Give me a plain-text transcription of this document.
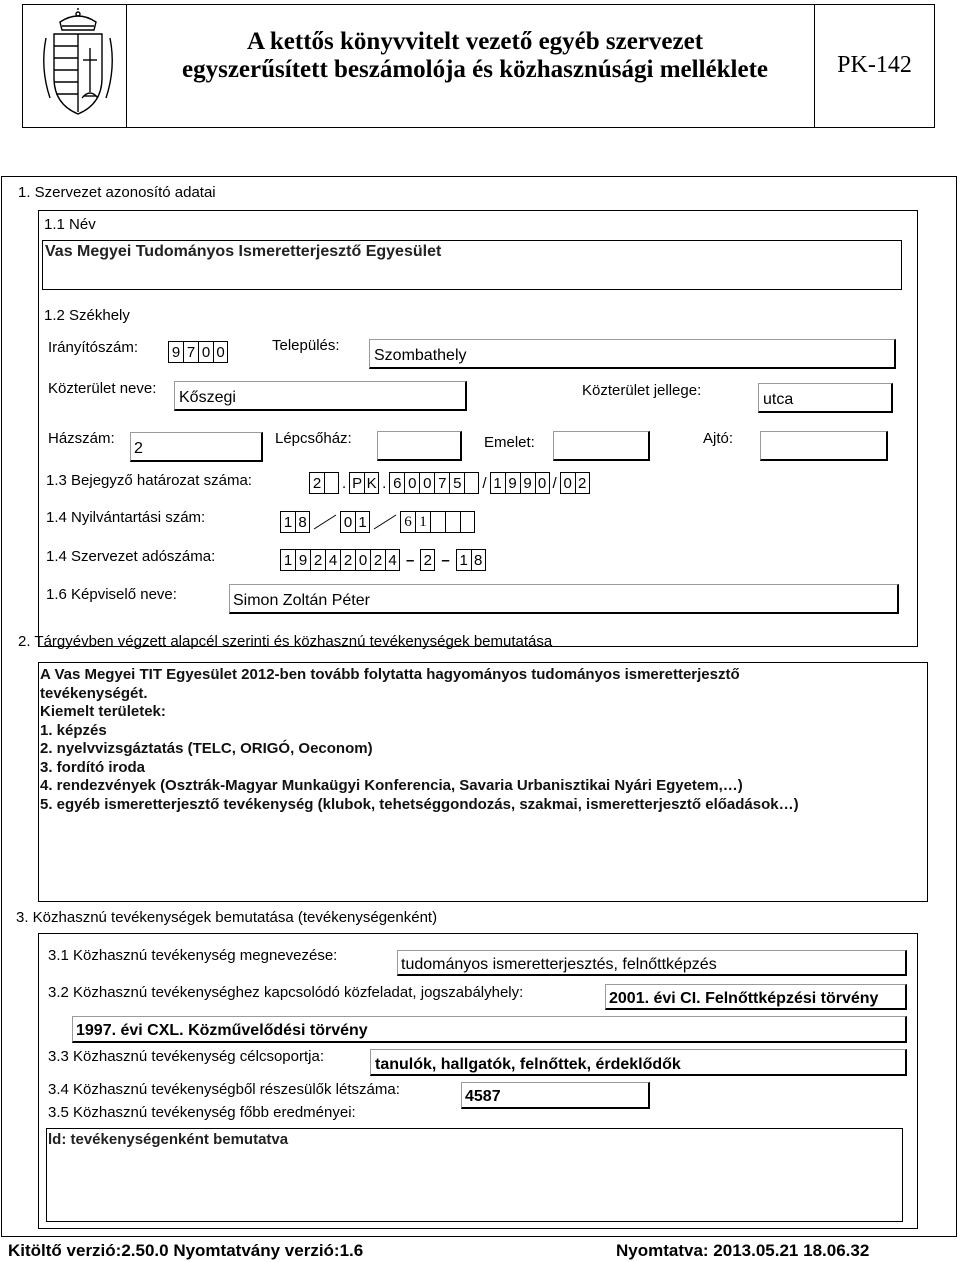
A kettős könyvvitelt vezető egyéb szervezet
egyszerűsített beszámolója és közhasznúsági melléklete	PK-142
1. Szervezet azonosító adatai
1.1 Név
Vas Megyei Tudományos Ismeretterjesztő Egyesület
1.2 Székhely
Irányítószám: 9 7 0 0	Település:
Szombathely
Közterület neve:
Kőszegi	Közterület jellege:
utca
Házszám:
2
Lépcsőház:	Emelet:	Ajtó:
1.3 Bejegyző határozat száma:	2 . P K . 6 0 0 7 5 / 1 9 9 0 / 0 2
1.4 Nyilvántartási szám:	1 8 0 1	6 1
1.4 Szervezet adószáma:	1 9 2 4 2 0 2 4 – 2 – 1 8
1.6 Képviselő neve:	Simon Zoltán Péter
2. Tárgyévben végzett alapcél szerinti és közhasznú tevékenységek bemutatása
A Vas Megyei TIT Egyesület 2012-ben tovább folytatta hagyományos tudományos ismeretterjesztő
tevékenységét.
Kiemelt területek:
1. képzés
2. nyelvvizsgáztatás (TELC, ORIGÓ, Oeconom)
3. fordító iroda
4. rendezvények (Osztrák-Magyar Munkaügyi Konferencia, Savaria Urbanisztikai Nyári Egyetem,…)
5. egyéb ismeretterjesztő tevékenység (klubok, tehetséggondozás, szakmai, ismeretterjesztő előadások…)
3. Közhasznú tevékenységek bemutatása (tevékenységenként)
3.1 Közhasznú tevékenység megnevezése:
tudományos ismeretterjesztés, felnőttképzés
3.2 Közhasznú tevékenységhez kapcsolódó közfeladat, jogszabályhely:	2001. évi CI. Felnőttképzési törvény
1997. évi CXL. Közművelődési törvény
3.3 Közhasznú tevékenység célcsoportja:	tanulók, hallgatók, felnőttek, érdeklődők
3.4 Közhasznú tevékenységből részesülők létszáma:	4587
3.5 Közhasznú tevékenység főbb eredményei:
ld: tevékenységenként bemutatva
Kitöltő verzió:2.50.0 Nyomtatvány verzió:1.6	Nyomtatva: 2013.05.21 18.06.32
